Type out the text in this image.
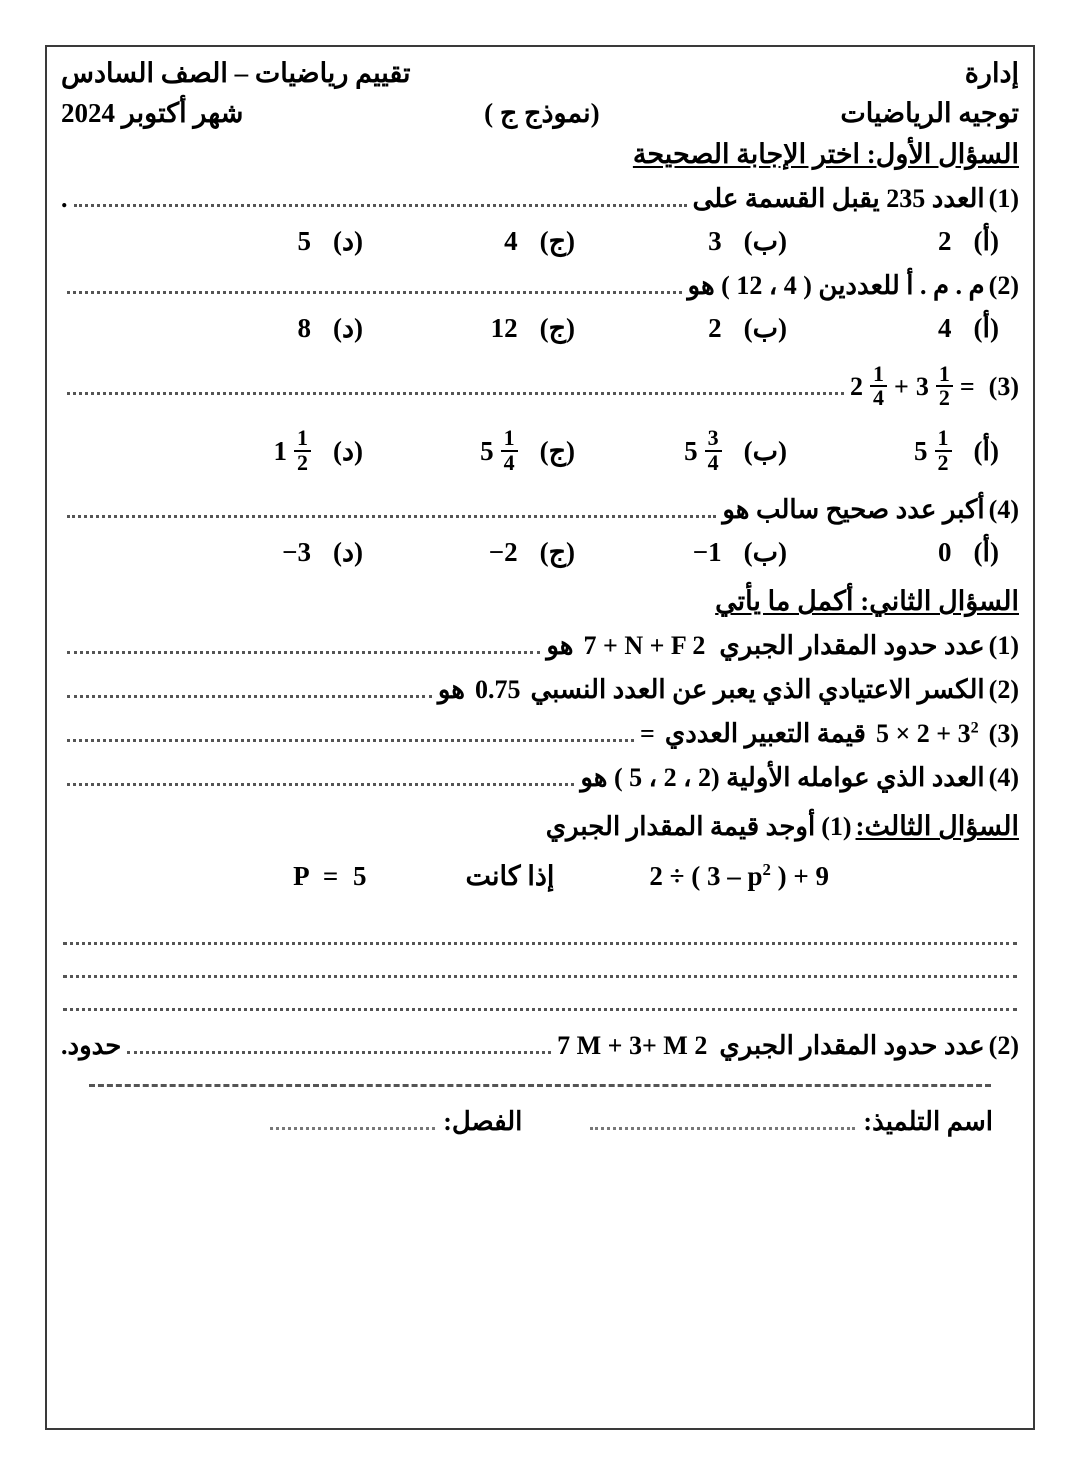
إدارة
تقييم رياضيات – الصف السادس
توجيه الرياضيات
(نموذج ج )
شهر أكتوبر 2024
السؤال الأول: اختر الإجابة الصحيحة
(1)
العدد 235 يقبل القسمة على
.
(أ)
2
(ب)
3
(ج)
4
(د)
5
(2)
م . م . أ للعددين ( 4 ، 12 ) هو
(أ)
4
(ب)
2
(ج)
12
(د)
8
(3)
$2 \frac{1}{4} + 3 \frac{1}{2}$ =
(أ)
$5 \frac{1}{2}$
(ب)
$5 \frac{3}{4}$
(ج)
$5 \frac{1}{4}$
(د)
$1 \frac{1}{2}$
(4)
أكبر عدد صحيح سالب هو
(أ)
0
(ب)
−1
(ج)
−2
(د)
−3
السؤال الثاني: أكمل ما يأتي
(1)
عدد حدود المقدار الجبري
7 + N + F 2
هو
(2)
الكسر الاعتيادي الذي يعبر عن العدد النسبي
0.75
هو
(3)
$5 \times 2 + 3^2$
قيمة التعبير العددي
=
(4)
العدد الذي عوامله الأولية (2 ، 2 ، 5 ) هو
السؤال الثالث:
(1)
أوجد قيمة المقدار الجبري
2 ÷ ( $3 - p^2$ ) + 9
إذا كانت
P = 5
(2)
عدد حدود المقدار الجبري
7 M + 3+ M 2
حدود.
اسم التلميذ:
الفصل:
